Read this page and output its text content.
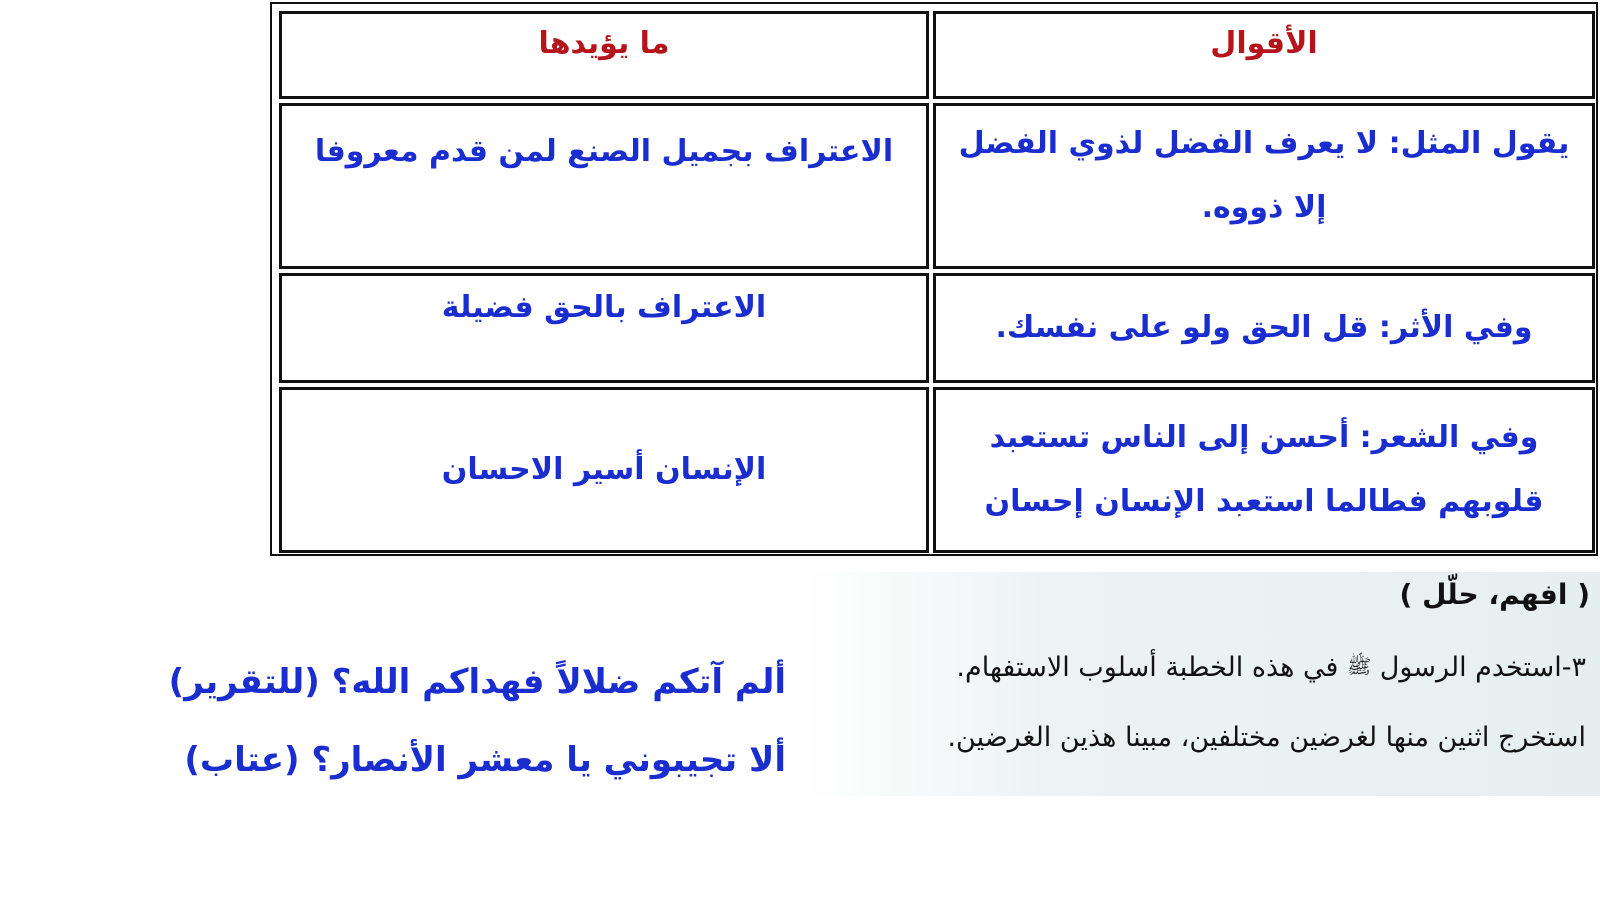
الأقوال	ما يؤيدها

يقول المثل: لا يعرف الفضل لذوي الفضل
إلا ذووه.	الاعتراف بجميل الصنع لمن قدم معروفا
وفي الأثر: قل الحق ولو على نفسك.	الاعتراف بالحق فضيلة

وفي الشعر: أحسن إلى الناس تستعبد
قلوبهم فطالما استعبد الإنسان إحسان	الإنسان أسير الاحسان
( افهم، حلّل )
٣-استخدم الرسول ﷺ في هذه الخطبة أسلوب الاستفهام.
استخرج اثنين منها لغرضين مختلفين، مبينا هذين الغرضين.
ألم آتكم ضلالاً فهداكم الله؟ (للتقرير)
ألا تجيبوني يا معشر الأنصار؟ (عتاب)
